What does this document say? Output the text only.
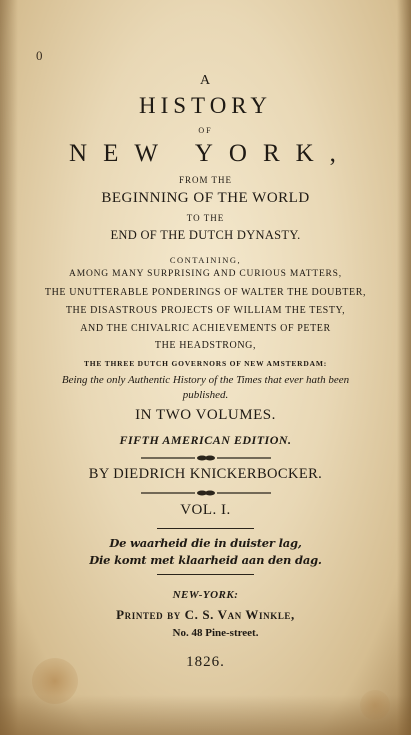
0
A
HISTORY
OF
NEW YORK,
FROM THE
BEGINNING OF THE WORLD
TO THE
END OF THE DUTCH DYNASTY.
CONTAINING,
AMONG MANY SURPRISING AND CURIOUS MATTERS,
THE UNUTTERABLE PONDERINGS OF WALTER THE DOUBTER,
THE DISASTROUS PROJECTS OF WILLIAM THE TESTY,
AND THE CHIVALRIC ACHIEVEMENTS OF PETER
THE HEADSTRONG,
THE THREE DUTCH GOVERNORS OF NEW AMSTERDAM:
Being the only Authentic History of the Times that ever hath been
published.
IN TWO VOLUMES.
FIFTH AMERICAN EDITION.
BY DIEDRICH KNICKERBOCKER.
VOL. I.
De waarheid die in duister lag,
Die komt met klaarheid aan den dag.
NEW-YORK:
Printed by C. S. Van Winkle,
No. 48 Pine-street.
1826.
